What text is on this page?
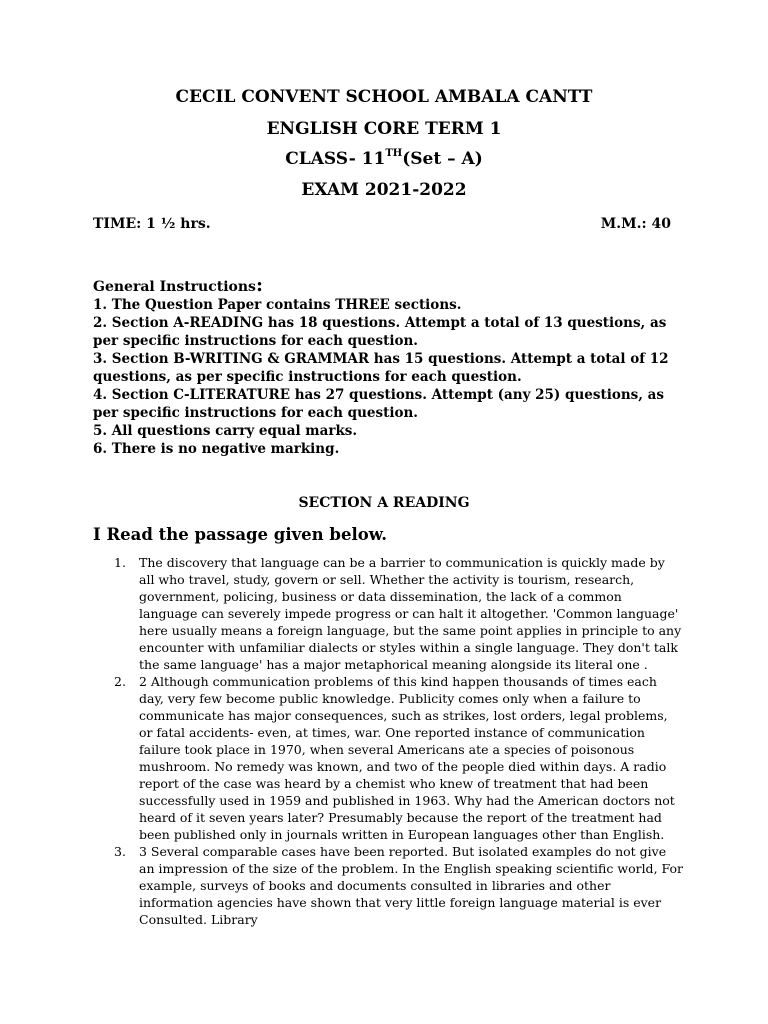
CECIL CONVENT SCHOOL AMBALA CANTT
ENGLISH CORE TERM 1
CLASS- 11TH(Set – A)
EXAM 2021-2022
TIME: 1 ½ hrs.	M.M.: 40

General Instructions:

1. The Question Paper contains THREE sections.

2. Section A-READING has 18 questions. Attempt a total of 13 questions, as per specific instructions for each question.

3. Section B-WRITING & GRAMMAR has 15 questions. Attempt a total of 12 questions, as per specific instructions for each question.

4. Section C-LITERATURE has 27 questions. Attempt (any 25) questions, as per specific instructions for each question.

5. All questions carry equal marks.

6. There is no negative marking.

SECTION A READING
I Read the passage given below.
1. The discovery that language can be a barrier to communication is quickly made by all who travel, study, govern or sell. Whether the activity is tourism, research, government, policing, business or data dissemination, the lack of a common language can severely impede progress or can halt it altogether. 'Common language' here usually means a foreign language, but the same point applies in principle to any encounter with unfamiliar dialects or styles within a single language. They don't talk the same language' has a major metaphorical meaning alongside its literal one .
2. 2 Although communication problems of this kind happen thousands of times each day, very few become public knowledge. Publicity comes only when a failure to communicate has major consequences, such as strikes, lost orders, legal problems, or fatal accidents- even, at times, war. One reported instance of communication failure took place in 1970, when several Americans ate a species of poisonous mushroom. No remedy was known, and two of the people died within days. A radio report of the case was heard by a chemist who knew of treatment that had been successfully used in 1959 and published in 1963. Why had the American doctors not heard of it seven years later? Presumably because the report of the treatment had been published only in journals written in European languages other than English.
3. 3 Several comparable cases have been reported. But isolated examples do not give an impression of the size of the problem. In the English speaking scientific world, For example, surveys of books and documents consulted in libraries and other information agencies have shown that very little foreign language material is ever Consulted. Library
